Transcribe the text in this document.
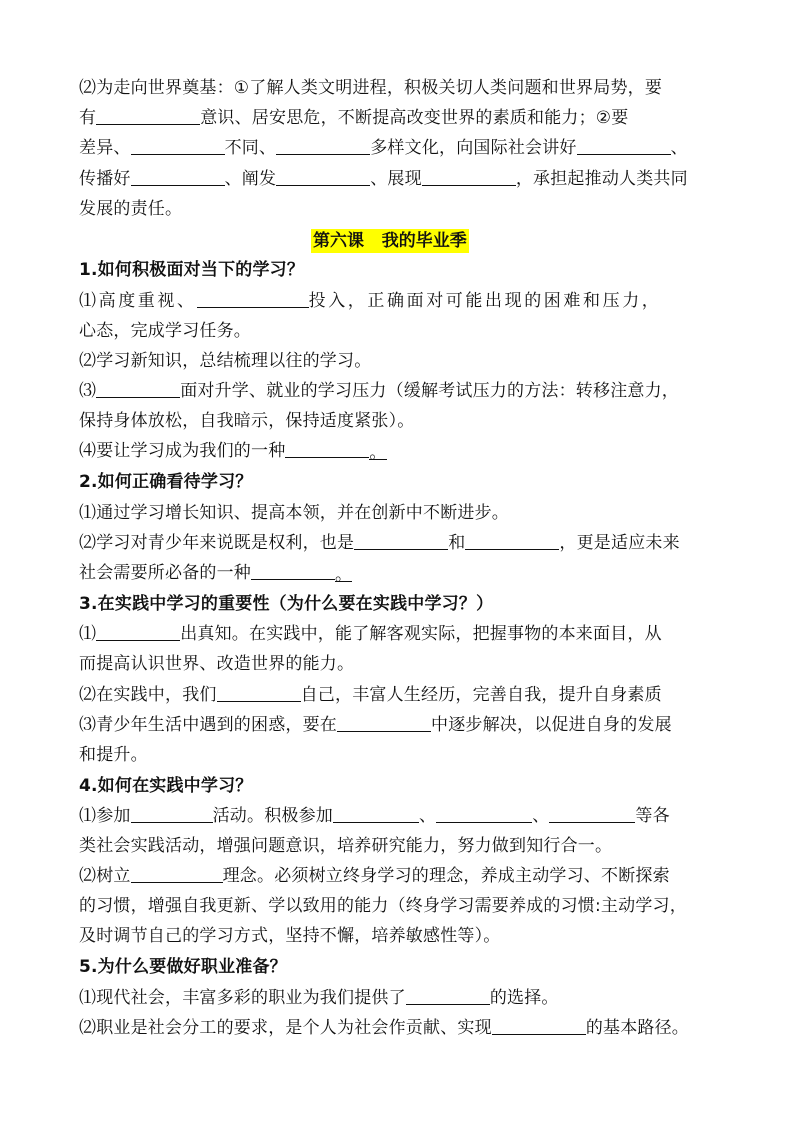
⑵为走向世界奠基：①了解人类文明进程，积极关切人类问题和世界局势，要
有	意识、居安思危，不断提高改变世界的素质和能力；②要
差异、	不同、	多样文化，向国际社会讲好	、
传播好	、阐发	、展现	，承担起推动人类共同
发展的责任。
第六课   我的毕业季
1.如何积极面对当下的学习？
⑴高度重视、	投入，正确面对可能出现的困难和压力，
心态，完成学习任务。
⑵学习新知识，总结梳理以往的学习。
⑶	面对升学、就业的学习压力（缓解考试压力的方法：转移注意力，
保持身体放松，自我暗示，保持适度紧张）。
⑷要让学习成为我们的一种	。
2.如何正确看待学习？
⑴通过学习增长知识、提高本领，并在创新中不断进步。
⑵学习对青少年来说既是权利，也是	和	，更是适应未来
社会需要所必备的一种	。
3.在实践中学习的重要性（为什么要在实践中学习？）
⑴	出真知。在实践中，能了解客观实际，把握事物的本来面目，从
而提高认识世界、改造世界的能力。
⑵在实践中，我们	自己，丰富人生经历，完善自我，提升自身素质
⑶青少年生活中遇到的困惑，要在	中逐步解决，以促进自身的发展
和提升。
4.如何在实践中学习？
⑴参加	活动。积极参加	、	、	等各
类社会实践活动，增强问题意识，培养研究能力，努力做到知行合一。
⑵树立	理念。必须树立终身学习的理念，养成主动学习、不断探索
的习惯，增强自我更新、学以致用的能力（终身学习需要养成的习惯:主动学习，
及时调节自己的学习方式，坚持不懈，培养敏感性等）。
5.为什么要做好职业准备？
⑴现代社会，丰富多彩的职业为我们提供了	的选择。
⑵职业是社会分工的要求，是个人为社会作贡献、实现	的基本路径。
